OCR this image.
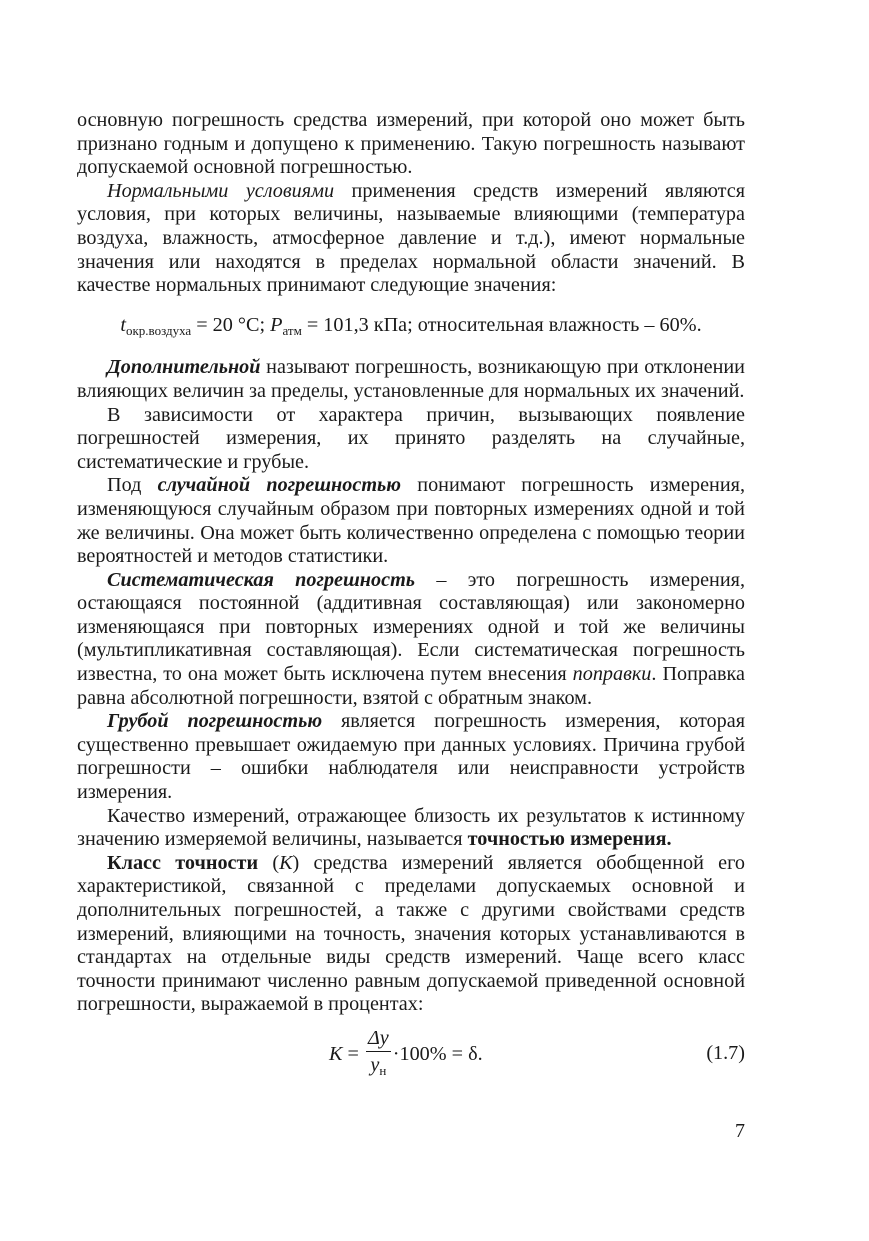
основную погрешность средства измерений, при которой оно может быть признано годным и допущено к применению. Такую погрешность называют допускаемой основной погрешностью.

Нормальными условиями применения средств измерений являются условия, при которых величины, называемые влияющими (температура воздуха, влажность, атмосферное давление и т.д.), имеют нормальные значения или находятся в пределах нормальной области значений. В качестве нормальных принимают следующие значения:

$t_{окр.воздуха} = 20$ °C; $P_{атм} = 101,3$ кПа; относительная влажность – 60%.

Дополнительной называют погрешность, возникающую при отклонении влияющих величин за пределы, установленные для нормальных их значений.

В зависимости от характера причин, вызывающих появление погрешностей измерения, их принято разделять на случайные, систематические и грубые.

Под случайной погрешностью понимают погрешность измерения, изменяющуюся случайным образом при повторных измерениях одной и той же величины. Она может быть количественно определена с помощью теории вероятностей и методов статистики.

Систематическая погрешность – это погрешность измерения, остающаяся постоянной (аддитивная составляющая) или закономерно изменяющаяся при повторных измерениях одной и той же величины (мультипликативная составляющая). Если систематическая погрешность известна, то она может быть исключена путем внесения поправки. Поправка равна абсолютной погрешности, взятой с обратным знаком.

Грубой погрешностью является погрешность измерения, которая существенно превышает ожидаемую при данных условиях. Причина грубой погрешности – ошибки наблюдателя или неисправности устройств измерения.

Качество измерений, отражающее близость их результатов к истинному значению измеряемой величины, называется точностью измерения.

Класс точности (K) средства измерений является обобщенной его характеристикой, связанной с пределами допускаемых основной и дополнительных погрешностей, а также с другими свойствами средств измерений, влияющими на точность, значения которых устанавливаются в стандартах на отдельные виды средств измерений. Чаще всего класс точности принимают численно равным допускаемой приведенной основной погрешности, выражаемой в процентах:

$K = \frac{\Delta y}{y_н} \cdot 100\% = \delta$.	(1.7)
7
